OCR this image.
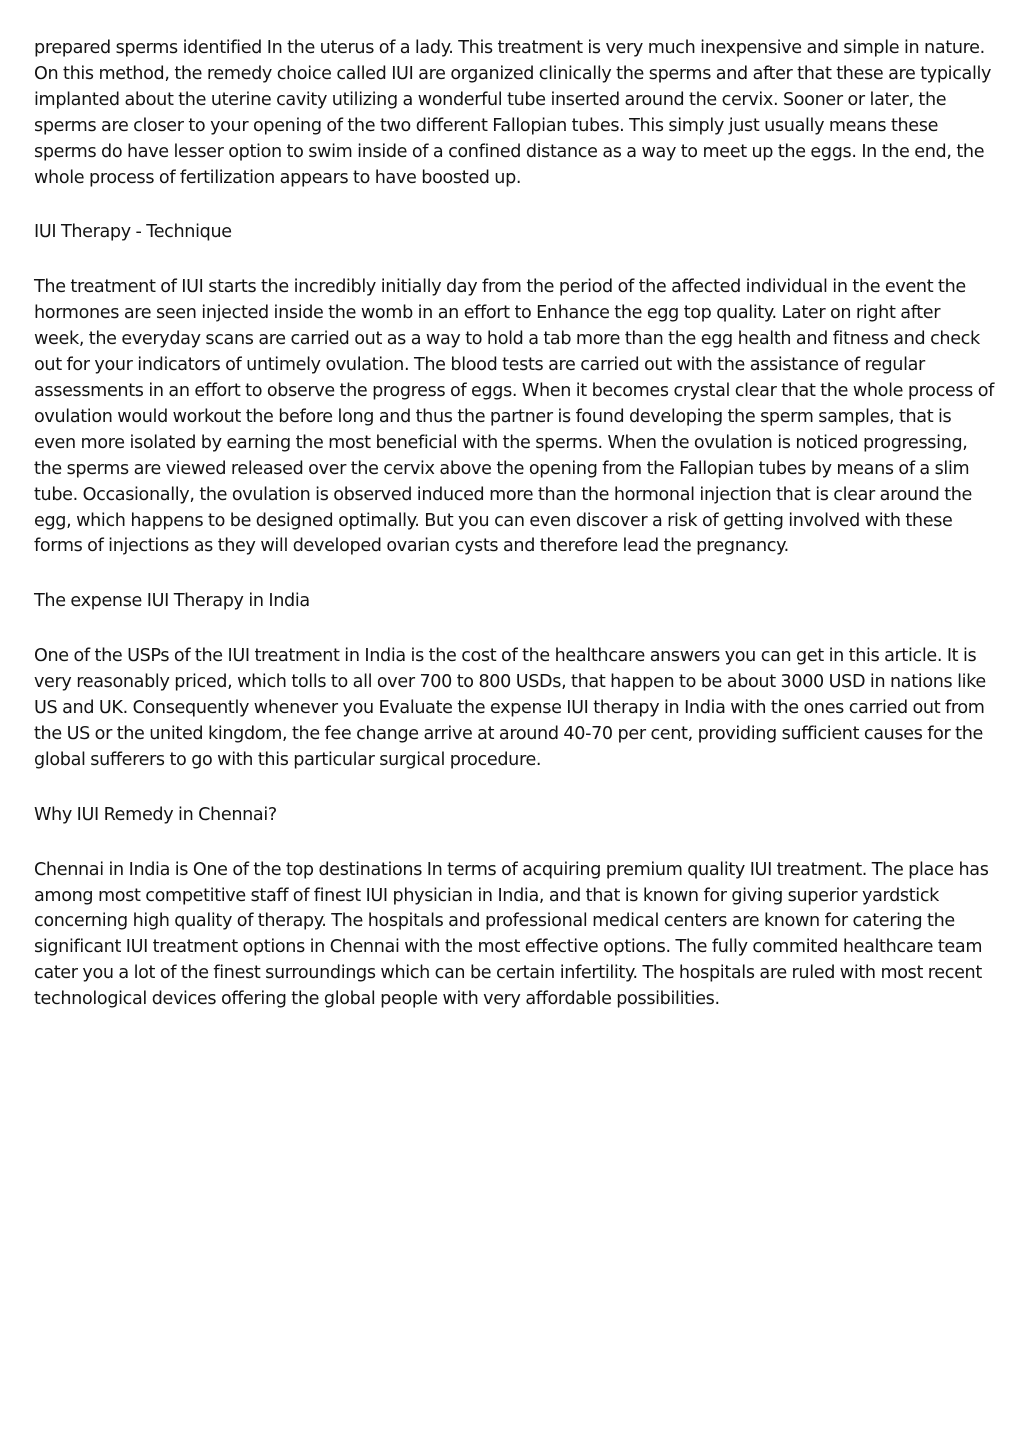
prepared sperms identified In the uterus of a lady. This treatment is very much inexpensive and simple in nature. On this method, the remedy choice called IUI are organized clinically the sperms and after that these are typically implanted about the uterine cavity utilizing a wonderful tube inserted around the cervix. Sooner or later, the sperms are closer to your opening of the two different Fallopian tubes. This simply just usually means these sperms do have lesser option to swim inside of a confined distance as a way to meet up the eggs. In the end, the whole process of fertilization appears to have boosted up.

IUI Therapy - Technique

The treatment of IUI starts the incredibly initially day from the period of the affected individual in the event the hormones are seen injected inside the womb in an effort to Enhance the egg top quality. Later on right after week, the everyday scans are carried out as a way to hold a tab more than the egg health and fitness and check out for your indicators of untimely ovulation. The blood tests are carried out with the assistance of regular assessments in an effort to observe the progress of eggs. When it becomes crystal clear that the whole process of ovulation would workout the before long and thus the partner is found developing the sperm samples, that is even more isolated by earning the most beneficial with the sperms. When the ovulation is noticed progressing, the sperms are viewed released over the cervix above the opening from the Fallopian tubes by means of a slim tube. Occasionally, the ovulation is observed induced more than the hormonal injection that is clear around the egg, which happens to be designed optimally. But you can even discover a risk of getting involved with these forms of injections as they will developed ovarian cysts and therefore lead the pregnancy.

The expense IUI Therapy in India

One of the USPs of the IUI treatment in India is the cost of the healthcare answers you can get in this article. It is very reasonably priced, which tolls to all over 700 to 800 USDs, that happen to be about 3000 USD in nations like US and UK. Consequently whenever you Evaluate the expense IUI therapy in India with the ones carried out from the US or the united kingdom, the fee change arrive at around 40-70 per cent, providing sufficient causes for the global sufferers to go with this particular surgical procedure.

Why IUI Remedy in Chennai?

Chennai in India is One of the top destinations In terms of acquiring premium quality IUI treatment. The place has among most competitive staff of finest IUI physician in India, and that is known for giving superior yardstick concerning high quality of therapy. The hospitals and professional medical centers are known for catering the significant IUI treatment options in Chennai with the most effective options. The fully commited healthcare team cater you a lot of the finest surroundings which can be certain infertility. The hospitals are ruled with most recent technological devices offering the global people with very affordable possibilities.
